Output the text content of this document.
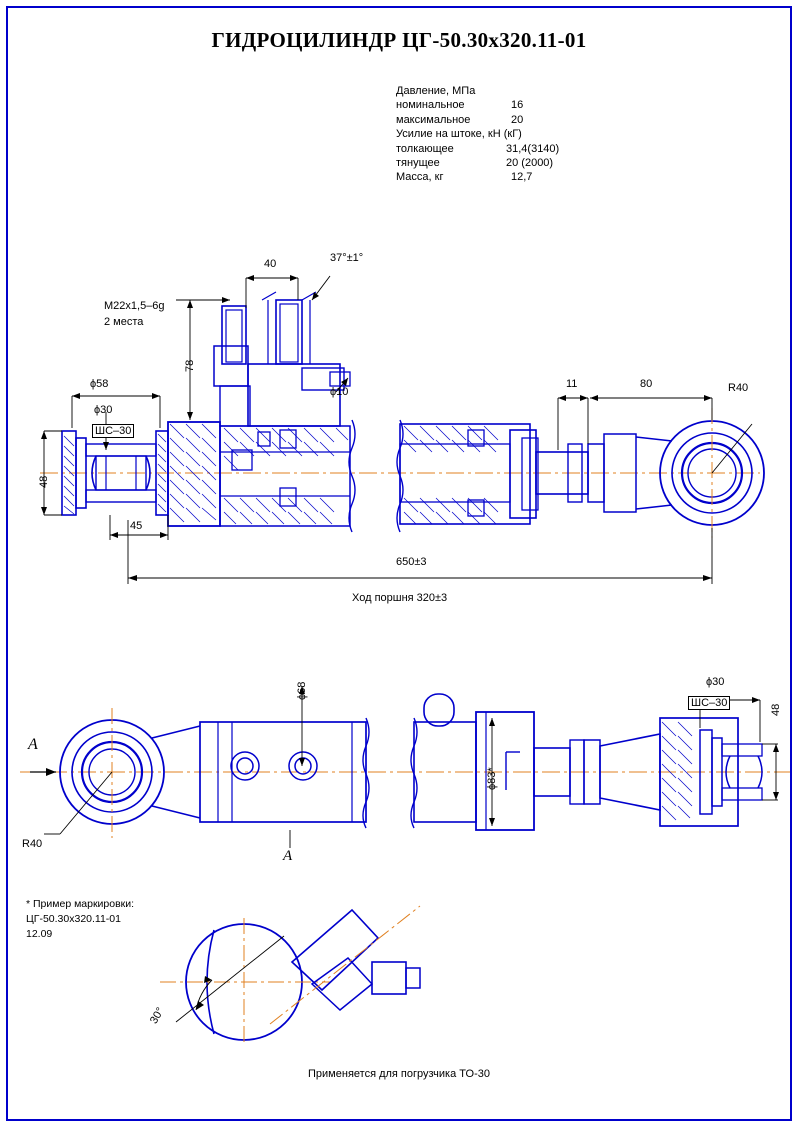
ГИДРОЦИЛИНДР ЦГ-50.30х320.11-01
Давление, МПа
номинальное	16
максимальное	20
Усилие на штоке, кН (кГ)
толкающее	31,4(3140)
тянущее	20 (2000)
Масса, кг	12,7
М22х1,5–6g
2 места
ϕ58
ϕ30
ШС–30
48
45
78
40	37°±1°
ϕ10
11	80	R40
650±3
Ход поршня 320±3
ϕ68
ϕ83*
ϕ30
ШС–30
48
R40
А
А
30°
* Пример маркировки:
ЦГ-50.30х320.11-01
12.09
Применяется для погрузчика ТО-30
